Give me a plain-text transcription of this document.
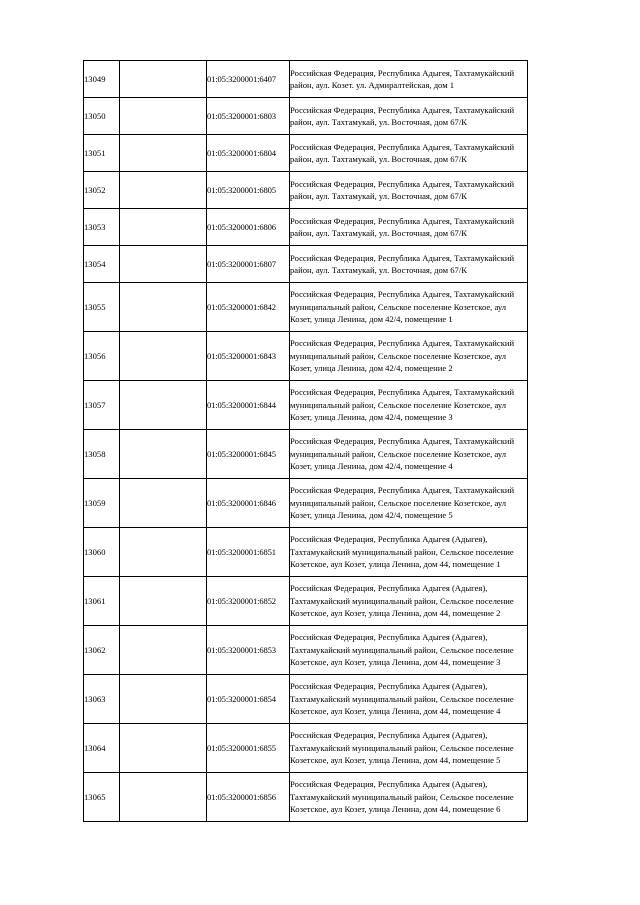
13049		01:05:3200001:6407	Российская Федерация, Республика Адыгея, Тахтамукайский район, аул. Козет. ул. Адмиралтейская, дом 1
13050		01:05:3200001:6803	Российская Федерация, Республика Адыгея, Тахтамукайский район, аул. Тахтамукай, ул. Восточная, дом 67/К
13051		01:05:3200001:6804	Российская Федерация, Республика Адыгея, Тахтамукайский район, аул. Тахтамукай, ул. Восточная, дом 67/К
13052		01:05:3200001:6805	Российская Федерация, Республика Адыгея, Тахтамукайский район, аул. Тахтамукай, ул. Восточная, дом 67/К
13053		01:05:3200001:6806	Российская Федерация, Республика Адыгея, Тахтамукайский район, аул. Тахтамукай, ул. Восточная, дом 67/К
13054		01:05:3200001:6807	Российская Федерация, Республика Адыгея, Тахтамукайский район, аул. Тахтамукай, ул. Восточная, дом 67/К
13055		01:05:3200001:6842	Российская Федерация, Республика Адыгея, Тахтамукайский муниципальный район, Сельское поселение Козетское, аул Козет, улица Ленина, дом 42/4, помещение 1
13056		01:05:3200001:6843	Российская Федерация, Республика Адыгея, Тахтамукайский муниципальный район, Сельское поселение Козетское, аул Козет, улица Ленина, дом 42/4, помещение 2
13057		01:05:3200001:6844	Российская Федерация, Республика Адыгея, Тахтамукайский муниципальный район, Сельское поселение Козетское, аул Козет, улица Ленина, дом 42/4, помещение 3
13058		01:05:3200001:6845	Российская Федерация, Республика Адыгея, Тахтамукайский муниципальный район, Сельское поселение Козетское, аул Козет, улица Ленина, дом 42/4, помещение 4
13059		01:05:3200001:6846	Российская Федерация, Республика Адыгея, Тахтамукайский муниципальный район, Сельское поселение Козетское, аул Козет, улица Ленина, дом 42/4, помещение 5
13060		01:05:3200001:6851	Российская Федерация, Республика Адыгея (Адыгея), Тахтамукайский муниципальный район, Сельское поселение Козетское, аул Козет, улица Ленина, дом 44, помещение 1
13061		01:05:3200001:6852	Российская Федерация, Республика Адыгея (Адыгея), Тахтамукайский муниципальный район, Сельское поселение Козетское, аул Козет, улица Ленина, дом 44, помещение 2
13062		01:05:3200001:6853	Российская Федерация, Республика Адыгея (Адыгея), Тахтамукайский муниципальный район, Сельское поселение Козетское, аул Козет, улица Ленина, дом 44, помещение 3
13063		01:05:3200001:6854	Российская Федерация, Республика Адыгея (Адыгея), Тахтамукайский муниципальный район, Сельское поселение Козетское, аул Козет, улица Ленина, дом 44, помещение 4
13064		01:05:3200001:6855	Российская Федерация, Республика Адыгея (Адыгея), Тахтамукайский муниципальный район, Сельское поселение Козетское, аул Козет, улица Ленина, дом 44, помещение 5
13065		01:05:3200001:6856	Российская Федерация, Республика Адыгея (Адыгея), Тахтамукайский муниципальный район, Сельское поселение Козетское, аул Козет, улица Ленина, дом 44, помещение 6
